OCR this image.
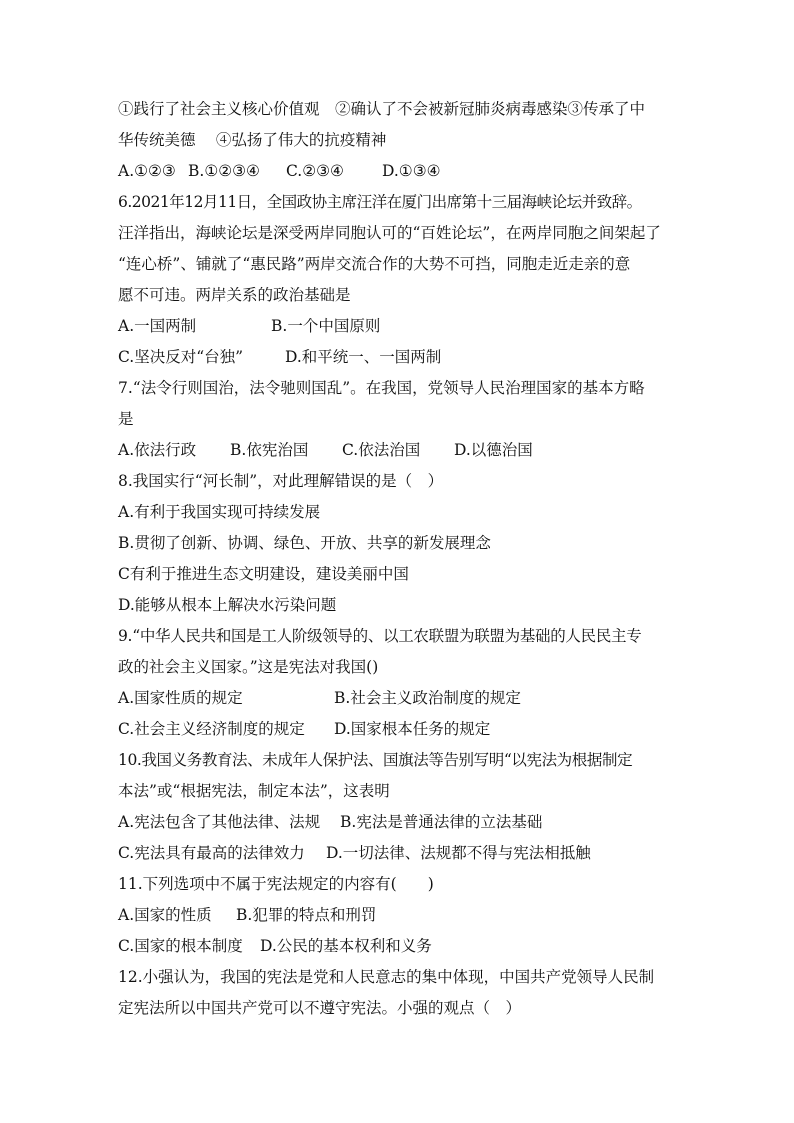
①践行了社会主义核心价值观　②确认了不会被新冠肺炎病毒感染③传承了中
华传统美德　 ④弘扬了伟大的抗疫精神
A.①②③ B.①②③④	C.②③④	D.①③④
6.2021年12月11日，全国政协主席汪洋在厦门出席第十三届海峡论坛并致辞。
汪洋指出，海峡论坛是深受两岸同胞认可的“百姓论坛”，在两岸同胞之间架起了
“连心桥”、铺就了“惠民路”两岸交流合作的大势不可挡，同胞走近走亲的意
愿不可违。两岸关系的政治基础是
A.一国两制	B.一个中国原则
C.坚决反对“台独”	D.和平统一、一国两制
7.“法令行则国治，法令驰则国乱”。在我国，党领导人民治理国家的基本方略
是
A.依法行政	B.依宪治国	C.依法治国	D.以德治国
8.我国实行“河长制”，对此理解错误的是（　）
A.有利于我国实现可持续发展
B.贯彻了创新、协调、绿色、开放、共享的新发展理念
C有利于推进生态文明建设，建设美丽中国
D.能够从根本上解决水污染问题
9.“中华人民共和国是工人阶级领导的、以工农联盟为联盟为基础的人民民主专
政的社会主义国家。”这是宪法对我国()
A.国家性质的规定	B.社会主义政治制度的规定
C.社会主义经济制度的规定	D.国家根本任务的规定
10.我国义务教育法、未成年人保护法、国旗法等告别写明“以宪法为根据制定
本法”或“根据宪法，制定本法”，这表明
A.宪法包含了其他法律、法规	B.宪法是普通法律的立法基础
C.宪法具有最高的法律效力	D.一切法律、法规都不得与宪法相抵触
11.下列选项中不属于宪法规定的内容有(　　)
A.国家的性质	B.犯罪的特点和刑罚
C.国家的根本制度	D.公民的基本权利和义务
12.小强认为，我国的宪法是党和人民意志的集中体现，中国共产党领导人民制
定宪法所以中国共产党可以不遵守宪法。小强的观点（　）
